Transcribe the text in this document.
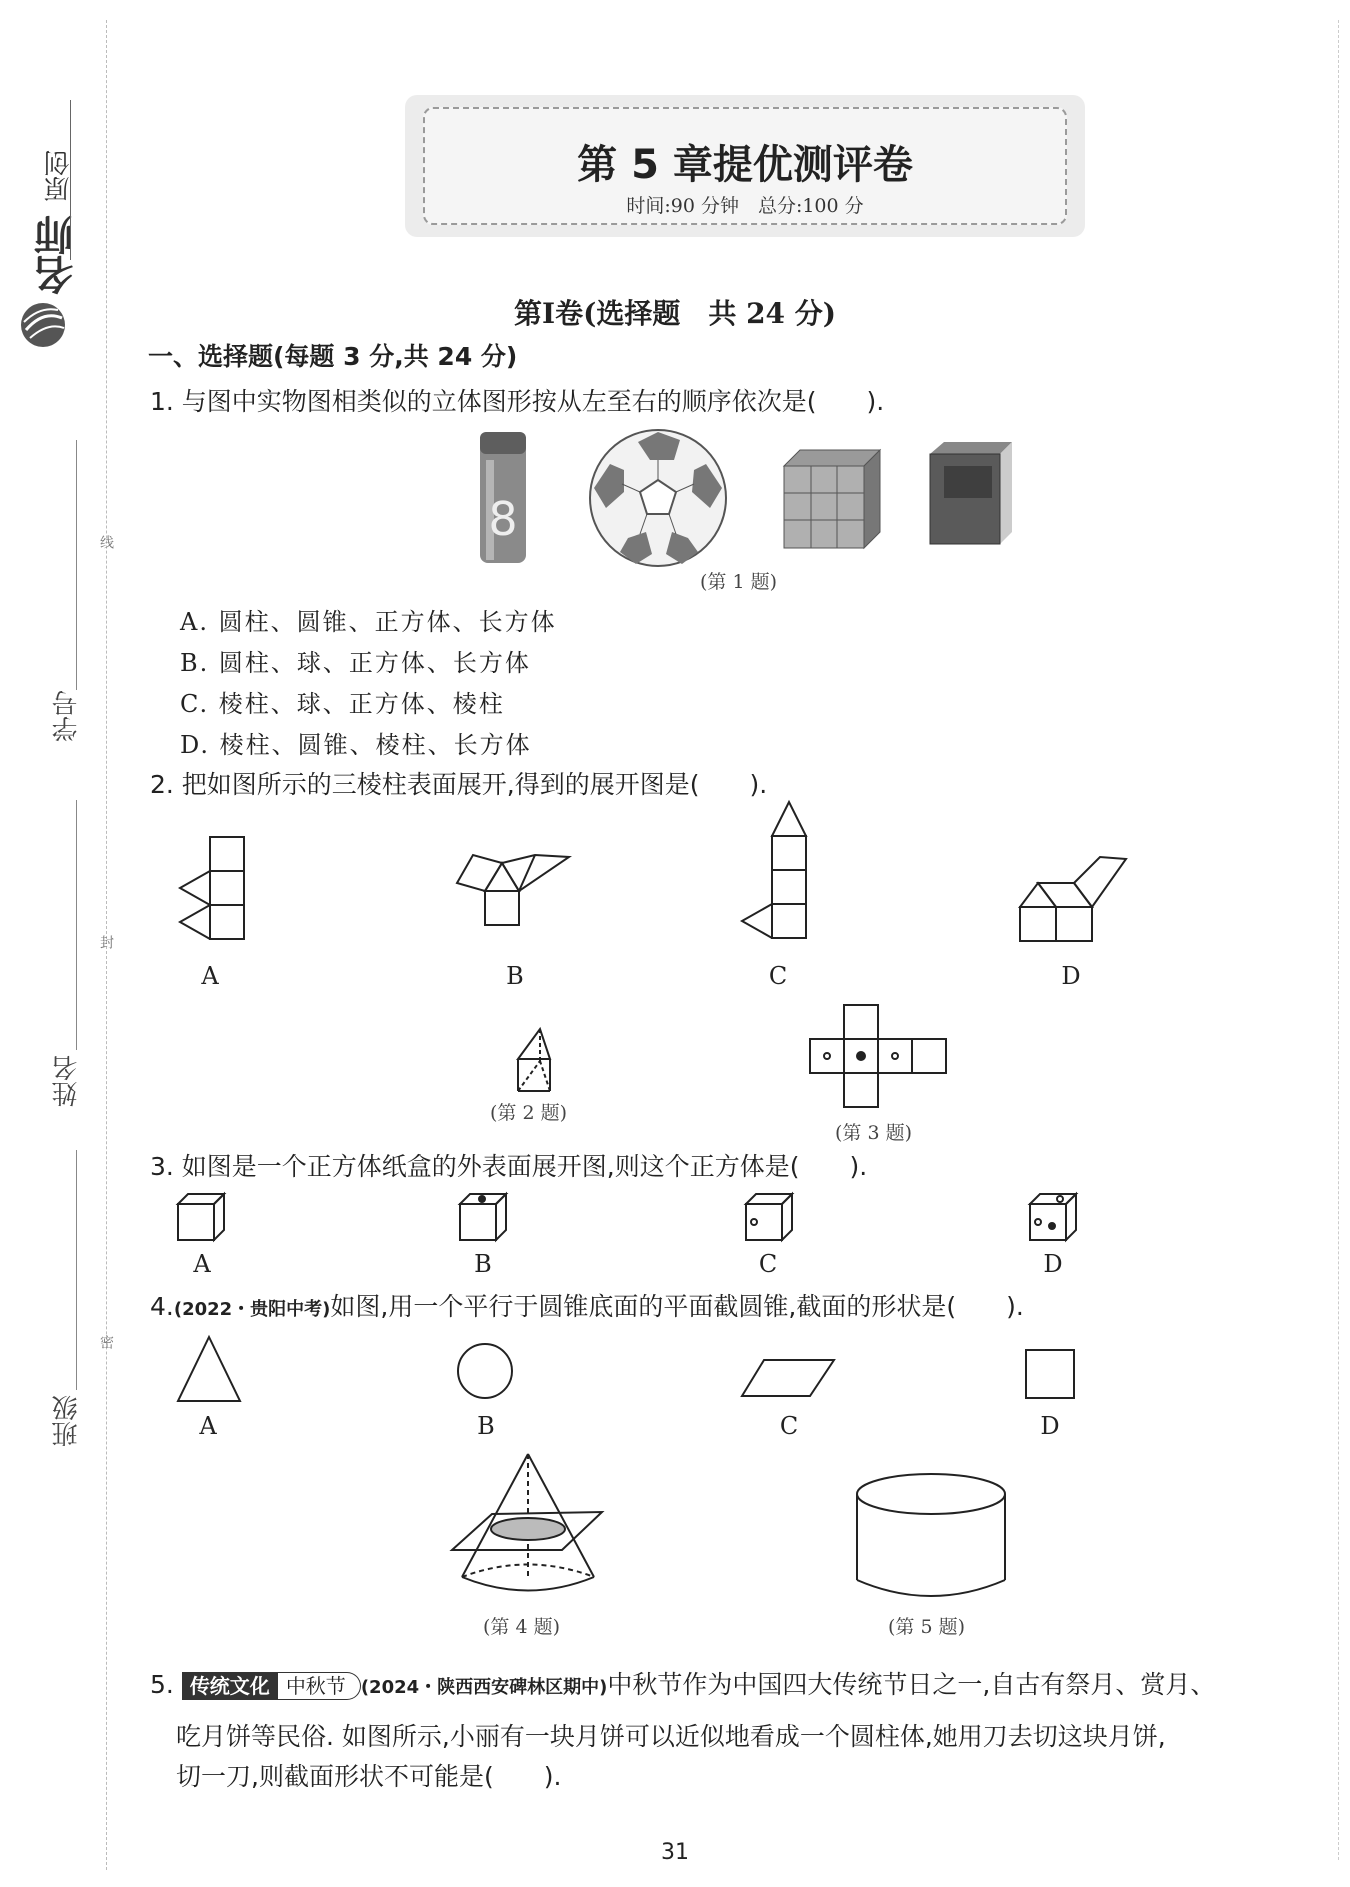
名师
原创
学号
姓名
班级
线
封
密
第 5 章提优测评卷
时间:90 分钟　总分:100 分
第Ⅰ卷(选择题　共 24 分)
一、选择题(每题 3 分,共 24 分)
1. 与图中实物图相类似的立体图形按从左至右的顺序依次是(　　).
8
(第 1 题)
A. 圆柱、圆锥、正方体、长方体
B. 圆柱、球、正方体、长方体
C. 棱柱、球、正方体、棱柱
D. 棱柱、圆锥、棱柱、长方体
2. 把如图所示的三棱柱表面展开,得到的展开图是(　　).
A	B	C	D
(第 2 题)
(第 3 题)
3. 如图是一个正方体纸盒的外表面展开图,则这个正方体是(　　).
A	B	C	D
4.(2022・贵阳中考)如图,用一个平行于圆锥底面的平面截圆锥,截面的形状是(　　).
A	B	C	D
(第 4 题)	(第 5 题)
5. 传统文化 中秋节 (2024・陕西西安碑林区期中)中秋节作为中国四大传统节日之一,自古有祭月、赏月、
吃月饼等民俗. 如图所示,小丽有一块月饼可以近似地看成一个圆柱体,她用刀去切这块月饼,
切一刀,则截面形状不可能是(　　).
31
